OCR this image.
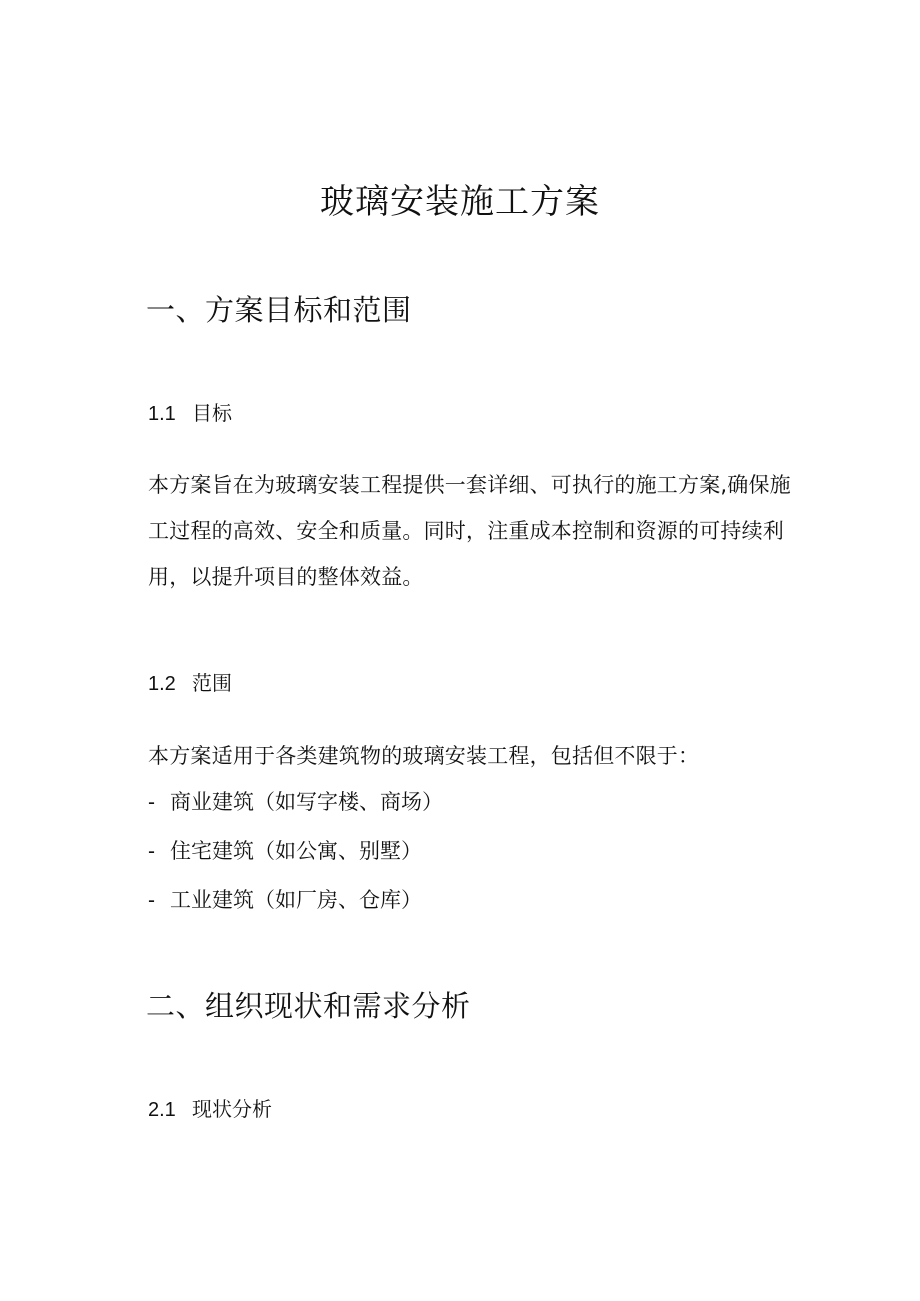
玻璃安装施工方案
一、方案目标和范围
1.1 目标

本方案旨在为玻璃安装工程提供一套详细、可执行的施工方案,确保施工过程的高效、安全和质量。同时，注重成本控制和资源的可持续利用，以提升项目的整体效益。

1.2 范围

本方案适用于各类建筑物的玻璃安装工程，包括但不限于：

- 商业建筑（如写字楼、商场）
- 住宅建筑（如公寓、别墅）
- 工业建筑（如厂房、仓库）
二、组织现状和需求分析
2.1 现状分析
